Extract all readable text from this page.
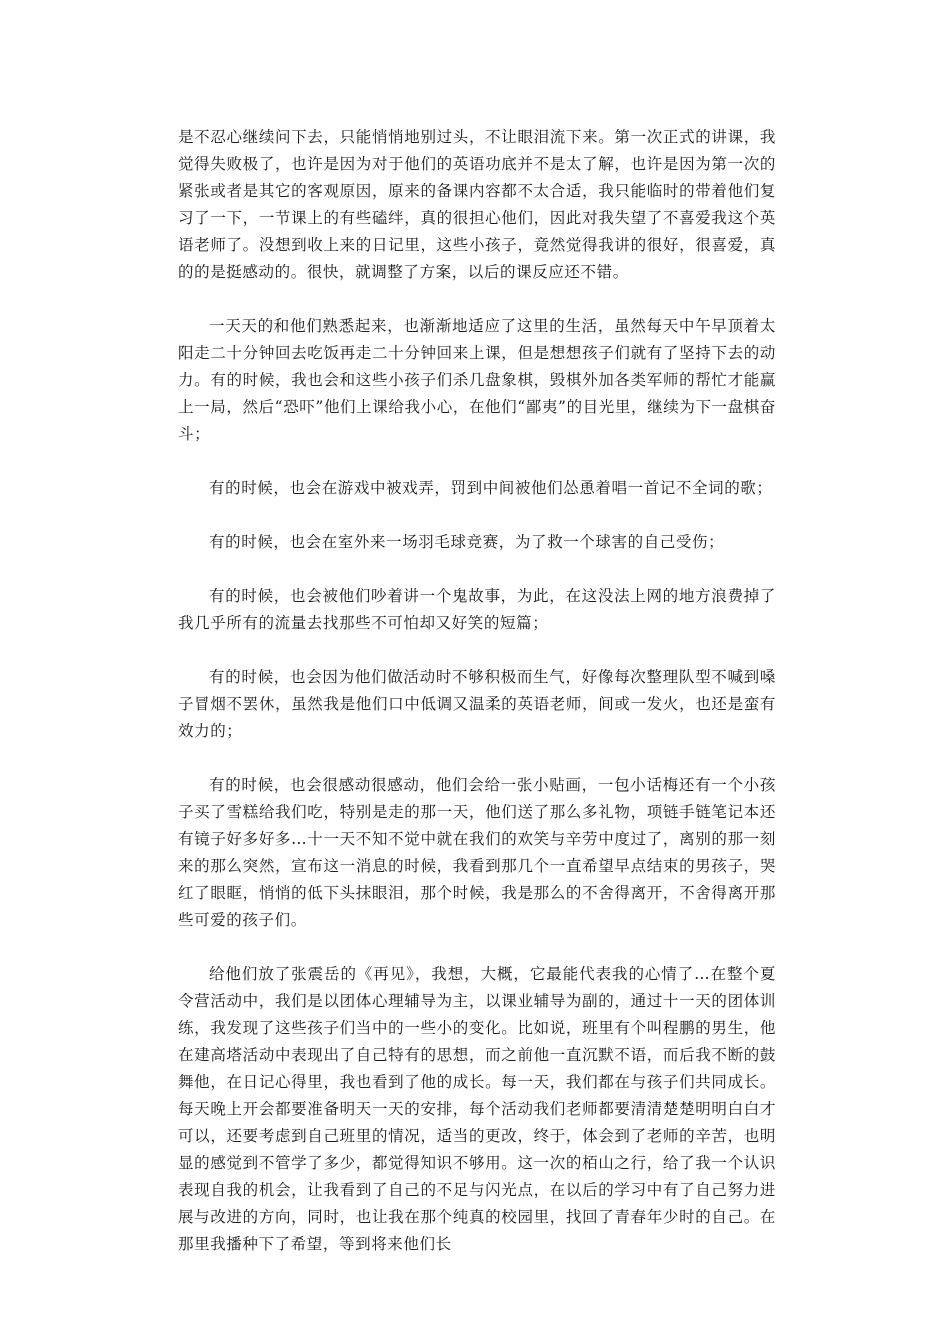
是不忍心继续问下去，只能悄悄地别过头，不让眼泪流下来。第一次正式的讲课，我觉得失败极了，也许是因为对于他们的英语功底并不是太了解，也许是因为第一次的紧张或者是其它的客观原因，原来的备课内容都不太合适，我只能临时的带着他们复习了一下，一节课上的有些磕绊，真的很担心他们，因此对我失望了不喜爱我这个英语老师了。没想到收上来的日记里，这些小孩子，竟然觉得我讲的很好，很喜爱，真的的是挺感动的。很快，就调整了方案，以后的课反应还不错。

一天天的和他们熟悉起来，也渐渐地适应了这里的生活，虽然每天中午早顶着太阳走二十分钟回去吃饭再走二十分钟回来上课，但是想想孩子们就有了坚持下去的动力。有的时候，我也会和这些小孩子们杀几盘象棋，毁棋外加各类军师的帮忙才能赢上一局，然后“恐吓”他们上课给我小心，在他们“鄙夷”的目光里，继续为下一盘棋奋斗；

有的时候，也会在游戏中被戏弄，罚到中间被他们怂恿着唱一首记不全词的歌；

有的时候，也会在室外来一场羽毛球竞赛，为了救一个球害的自己受伤；

有的时候，也会被他们吵着讲一个鬼故事，为此，在这没法上网的地方浪费掉了我几乎所有的流量去找那些不可怕却又好笑的短篇；

有的时候，也会因为他们做活动时不够积极而生气，好像每次整理队型不喊到嗓子冒烟不罢休，虽然我是他们口中低调又温柔的英语老师，间或一发火，也还是蛮有效力的；

有的时候，也会很感动很感动，他们会给一张小贴画，一包小话梅还有一个小孩子买了雪糕给我们吃，特别是走的那一天，他们送了那么多礼物，项链手链笔记本还有镜子好多好多…十一天不知不觉中就在我们的欢笑与辛劳中度过了，离别的那一刻来的那么突然，宣布这一消息的时候，我看到那几个一直希望早点结束的男孩子，哭红了眼眶，悄悄的低下头抹眼泪，那个时候，我是那么的不舍得离开，不舍得离开那些可爱的孩子们。

给他们放了张震岳的《再见》，我想，大概，它最能代表我的心情了…在整个夏令营活动中，我们是以团体心理辅导为主，以课业辅导为副的，通过十一天的团体训练，我发现了这些孩子们当中的一些小的变化。比如说，班里有个叫程鹏的男生，他在建高塔活动中表现出了自己特有的思想，而之前他一直沉默不语，而后我不断的鼓舞他，在日记心得里，我也看到了他的成长。每一天，我们都在与孩子们共同成长。每天晚上开会都要准备明天一天的安排，每个活动我们老师都要清清楚楚明明白白才可以，还要考虑到自己班里的情况，适当的更改，终于，体会到了老师的辛苦，也明显的感觉到不管学了多少，都觉得知识不够用。这一次的栢山之行，给了我一个认识表现自我的机会，让我看到了自己的不足与闪光点，在以后的学习中有了自己努力进展与改进的方向，同时，也让我在那个纯真的校园里，找回了青春年少时的自己。在那里我播种下了希望，等到将来他们长
